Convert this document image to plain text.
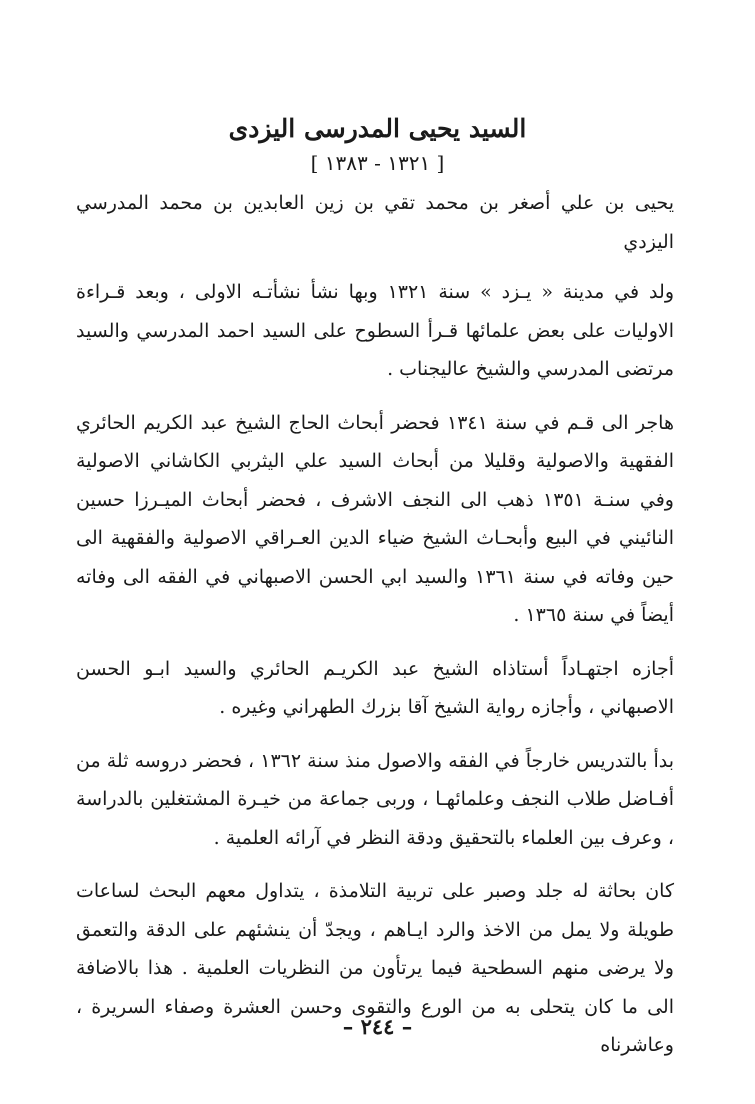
السيد يحيى المدرسى اليزدى
[ ١٣٢١ - ١٣٨٣ ]

يحيى بن علي أصغر بن محمد تقي بن زين العابدين بن محمد المدرسي اليزدي

ولد في مدينة « يـزد » سنة ١٣٢١ وبها نشأ نشأتـه الاولى ، وبعد قـراءة الاوليات على بعض علمائها قـرأ السطوح على السيد احمد المدرسي والسيد مرتضى المدرسي والشيخ عاليجناب .

هاجر الى قـم في سنة ١٣٤١ فحضر أبحاث الحاج الشيخ عبد الكريم الحائري الفقهية والاصولية وقليلا من أبحاث السيد علي اليثربي الكاشاني الاصولية وفي سنـة ١٣٥١ ذهب الى النجف الاشرف ، فحضر أبحاث الميـرزا حسين النائيني في البيع وأبحـاث الشيخ ضياء الدين العـراقي الاصولية والفقهية الى حين وفاته في سنة ١٣٦١ والسيد ابي الحسن الاصبهاني في الفقه الى وفاته أيضاً في سنة ١٣٦٥ .

أجازه اجتهـاداً أستاذاه الشيخ عبد الكريـم الحائري والسيد ابـو الحسن الاصبهاني ، وأجازه رواية الشيخ آقا بزرك الطهراني وغيره .

بدأ بالتدريس خارجاً في الفقه والاصول منذ سنة ١٣٦٢ ، فحضر دروسه ثلة من أفـاضل طلاب النجف وعلمائهـا ، وربى جماعة من خيـرة المشتغلين بالدراسة ، وعرف بين العلماء بالتحقيق ودقة النظر في آرائه العلمية .

كان بحاثة له جلد وصبر على تربية التلامذة ، يتداول معهم البحث لساعات طويلة ولا يمل من الاخذ والرد ايـاهم ، ويجدّ أن ينشئهم على الدقة والتعمق ولا يرضى منهم السطحية فيما يرتأون من النظريات العلمية . هذا بالاضافة الى ما كان يتحلى به من الورع والتقوى وحسن العشرة وصفاء السريرة ، وعاشرناه

– ٢٤٤ –
